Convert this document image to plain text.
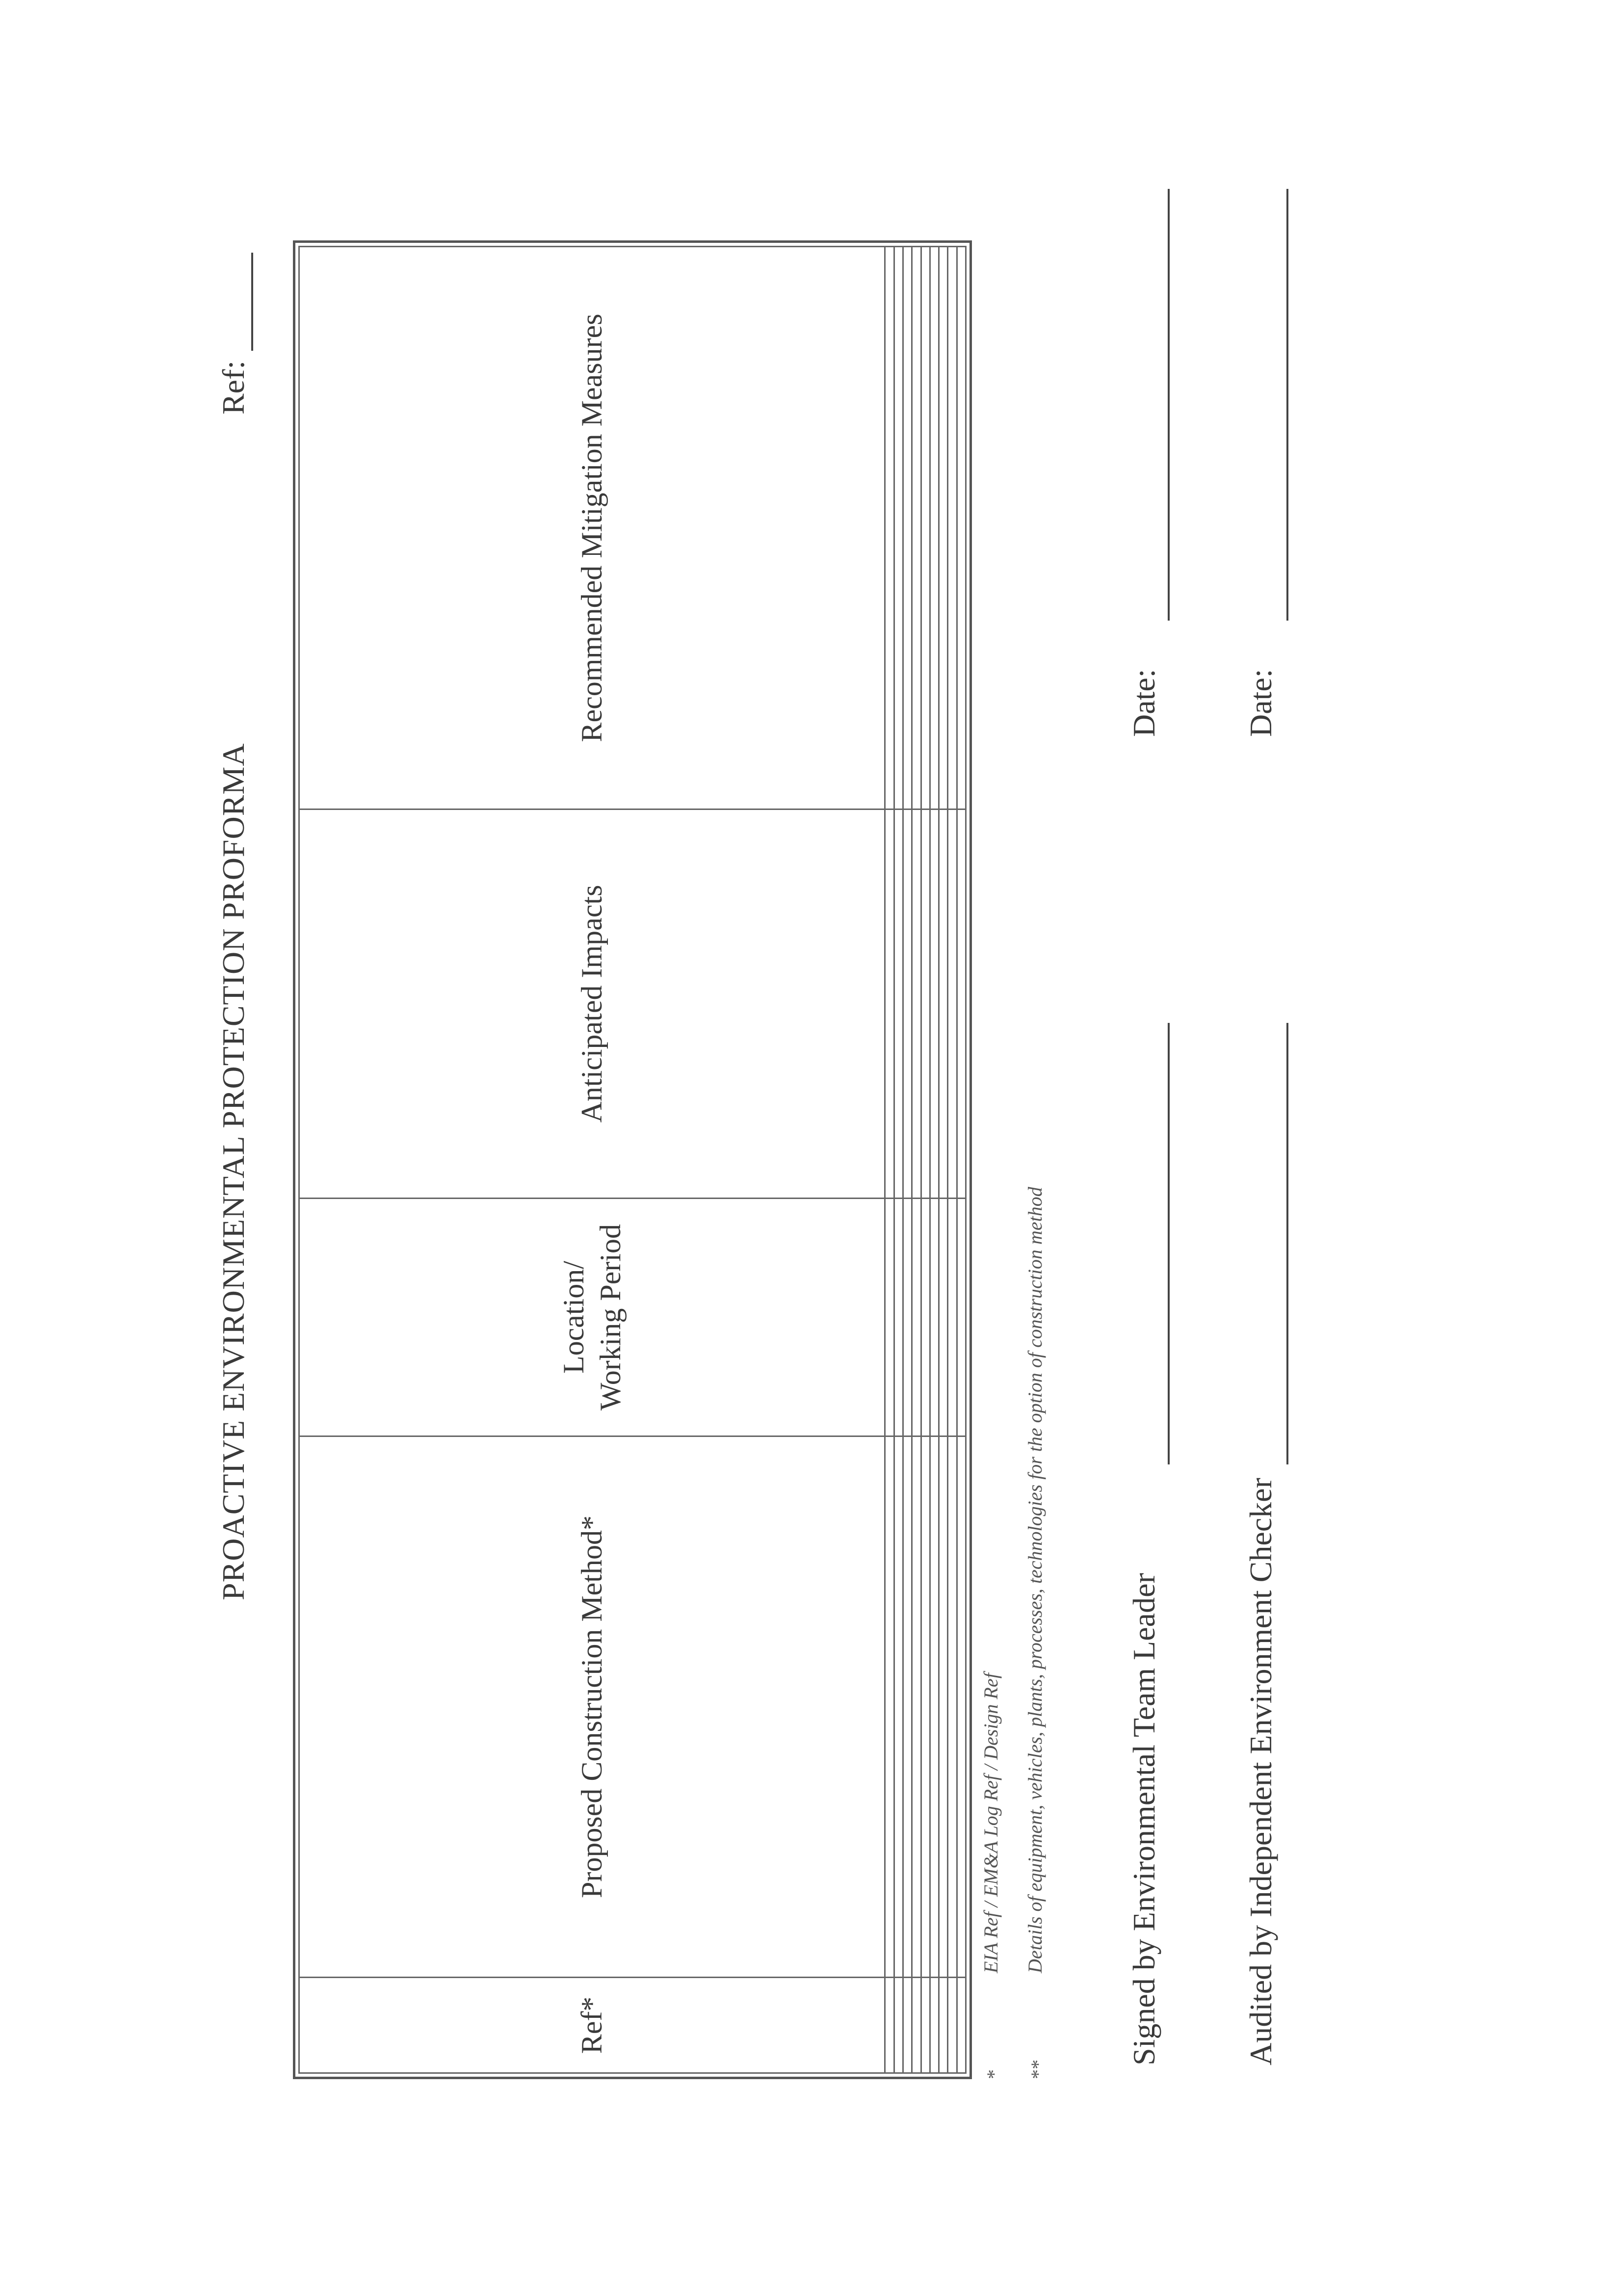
PROACTIVE ENVIRONMENTAL PROTECTION PROFORMA
Ref:
Ref*	Proposed Construction Method*	Location/ Working Period	Anticipated Impacts	Recommended Mitigation Measures

*
EIA Ref / EM&A Log Ref / Design Ref
**
Details of equipment, vehicles, plants, processes, technologies for the option of construction method	Signed by Environmental Team Leader
Date:
Audited by Independent Environment Checker
Date:
